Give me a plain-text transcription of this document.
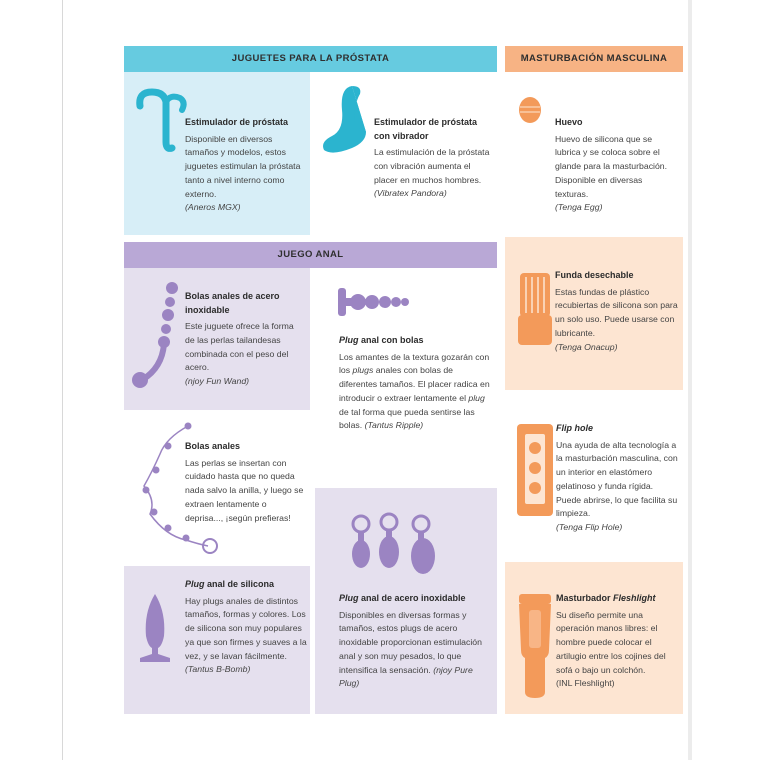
JUGUETES PARA LA PRÓSTATA	MASTURBACIÓN MASCULINA
JUEGO ANAL
Estimulador de próstata

Disponible en diversos tamaños y modelos, estos juguetes estimulan la próstata tanto a nivel interno como externo.

(Aneros MGX)

Estimulador de próstata con vibrador

La estimulación de la próstata con vibración aumenta el placer en muchos hombres.

(Vibratex Pandora)

Huevo

Huevo de silicona que se lubrica y se coloca sobre el glande para la masturbación. Disponible en diversas texturas.

(Tenga Egg)

Bolas anales de acero inoxidable

Este juguete ofrece la forma de las perlas tailandesas combinada con el peso del acero.

(njoy Fun Wand)

Plug anal con bolas

Los amantes de la textura gozarán con los plugs anales con bolas de diferentes tamaños. El placer radica en introducir o extraer lentamente el plug de tal forma que pueda sentirse las bolas. (Tantus Ripple)

Funda desechable

Estas fundas de plástico recubiertas de silicona son para un solo uso. Puede usarse con lubricante.

(Tenga Onacup)

Bolas anales

Las perlas se insertan con cuidado hasta que no queda nada salvo la anilla, y luego se extraen lentamente o deprisa..., ¡según prefieras!

Flip hole

Una ayuda de alta tecnología a la masturbación masculina, con un interior en elastómero gelatinoso y funda rígida. Puede abrirse, lo que facilita su limpieza.

(Tenga Flip Hole)

Plug anal de acero inoxidable

Disponibles en diversas formas y tamaños, estos plugs de acero inoxidable proporcionan estimulación anal y son muy pesados, lo que intensifica la sensación. (njoy Pure Plug)

Plug anal de silicona

Hay plugs anales de distintos tamaños, formas y colores. Los de silicona son muy populares ya que son firmes y suaves a la vez, y se lavan fácilmente.

(Tantus B-Bomb)

Masturbador Fleshlight

Su diseño permite una operación manos libres: el hombre puede colocar el artilugio entre los cojines del sofá o bajo un colchón.

(INL Fleshlight)
